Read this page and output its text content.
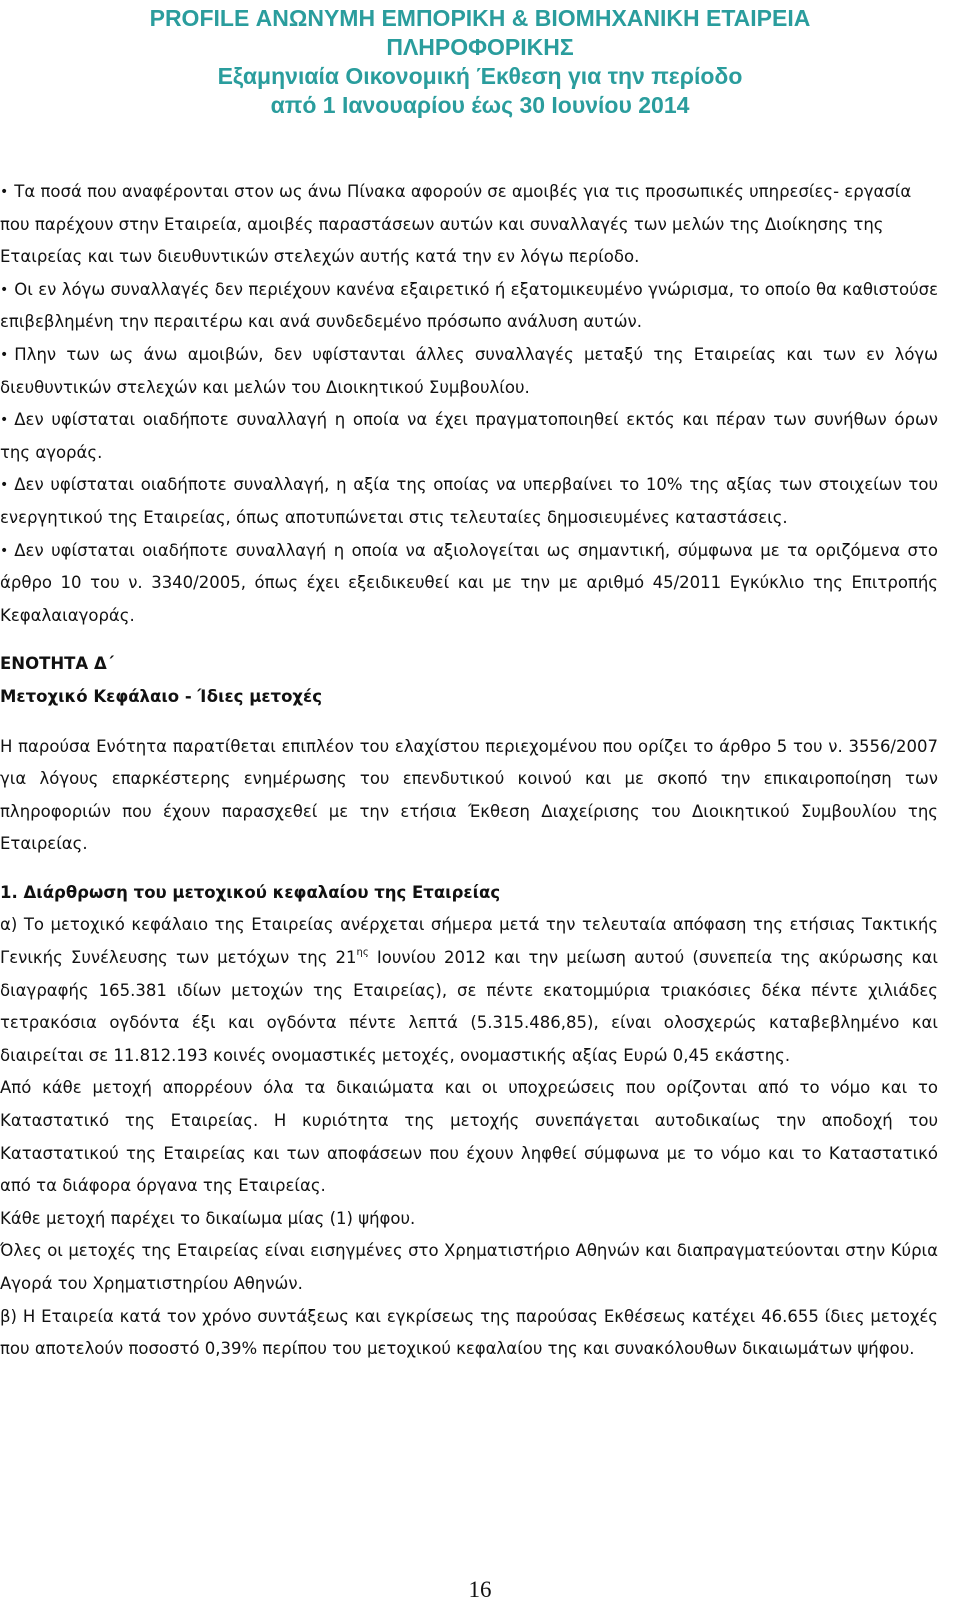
PROFILE ΑΝΩΝΥΜΗ ΕΜΠΟΡΙΚΗ & ΒΙΟΜΗΧΑΝΙΚΗ ΕΤΑΙΡΕΙΑ
ΠΛΗΡΟΦΟΡΙΚΗΣ
Εξαμηνιαία Οικονομική Έκθεση για την περίοδο
από 1 Ιανουαρίου έως 30 Ιουνίου 2014

• Τα ποσά που αναφέρονται στον ως άνω Πίνακα αφορούν σε αμοιβές για τις προσωπικές υπηρεσίες- εργασία που παρέχουν στην Εταιρεία, αμοιβές παραστάσεων αυτών και συναλλαγές των μελών της Διοίκησης της Εταιρείας και των διευθυντικών στελεχών αυτής κατά την εν λόγω περίοδο.

• Οι εν λόγω συναλλαγές δεν περιέχουν κανένα εξαιρετικό ή εξατομικευμένο γνώρισμα, το οποίο θα καθιστούσε επιβεβλημένη την περαιτέρω και ανά συνδεδεμένο πρόσωπο ανάλυση αυτών.

• Πλην των ως άνω αμοιβών, δεν υφίστανται άλλες συναλλαγές μεταξύ της Εταιρείας και των εν λόγω διευθυντικών στελεχών και μελών του Διοικητικού Συμβουλίου.

• Δεν υφίσταται οιαδήποτε συναλλαγή η οποία να έχει πραγματοποιηθεί εκτός και πέραν των συνήθων όρων της αγοράς.

• Δεν υφίσταται οιαδήποτε συναλλαγή, η αξία της οποίας να υπερβαίνει το 10% της αξίας των στοιχείων του ενεργητικού της Εταιρείας, όπως αποτυπώνεται στις τελευταίες δημοσιευμένες καταστάσεις.

• Δεν υφίσταται οιαδήποτε συναλλαγή η οποία να αξιολογείται ως σημαντική, σύμφωνα με τα οριζόμενα στο άρθρο 10 του ν. 3340/2005, όπως έχει εξειδικευθεί και με την με αριθμό 45/2011 Εγκύκλιο της Επιτροπής Κεφαλαιαγοράς.

ΕΝΟΤΗΤΑ Δ΄

Μετοχικό Κεφάλαιο - Ίδιες μετοχές

Η παρούσα Ενότητα παρατίθεται επιπλέον του ελαχίστου περιεχομένου που ορίζει το άρθρο 5 του ν. 3556/2007 για λόγους επαρκέστερης ενημέρωσης του επενδυτικού κοινού και με σκοπό την επικαιροποίηση των πληροφοριών που έχουν παρασχεθεί με την ετήσια Έκθεση Διαχείρισης του Διοικητικού Συμβουλίου της Εταιρείας.

1. Διάρθρωση του μετοχικού κεφαλαίου της Εταιρείας

α) Το μετοχικό κεφάλαιο της Εταιρείας ανέρχεται σήμερα μετά την τελευταία απόφαση της ετήσιας Τακτικής Γενικής Συνέλευσης των μετόχων της $21^{\eta\varsigma}$ Ιουνίου 2012 και την μείωση αυτού (συνεπεία της ακύρωσης και διαγραφής 165.381 ιδίων μετοχών της Εταιρείας), σε πέντε εκατομμύρια τριακόσιες δέκα πέντε χιλιάδες τετρακόσια ογδόντα έξι και ογδόντα πέντε λεπτά (5.315.486,85), είναι ολοσχερώς καταβεβλημένο και διαιρείται σε 11.812.193 κοινές ονομαστικές μετοχές, ονομαστικής αξίας Ευρώ 0,45 εκάστης.

Από κάθε μετοχή απορρέουν όλα τα δικαιώματα και οι υποχρεώσεις που ορίζονται από το νόμο και το Καταστατικό της Εταιρείας. Η κυριότητα της μετοχής συνεπάγεται αυτοδικαίως την αποδοχή του Καταστατικού της Εταιρείας και των αποφάσεων που έχουν ληφθεί σύμφωνα με το νόμο και το Καταστατικό από τα διάφορα όργανα της Εταιρείας.

Κάθε μετοχή παρέχει το δικαίωμα μίας (1) ψήφου.

Όλες οι μετοχές της Εταιρείας είναι εισηγμένες στο Χρηματιστήριο Αθηνών και διαπραγματεύονται στην Κύρια Αγορά του Χρηματιστηρίου Αθηνών.

β) Η Εταιρεία κατά τον χρόνο συντάξεως και εγκρίσεως της παρούσας Εκθέσεως κατέχει 46.655 ίδιες μετοχές που αποτελούν ποσοστό 0,39% περίπου του μετοχικού κεφαλαίου της και συνακόλουθων δικαιωμάτων ψήφου.

16
